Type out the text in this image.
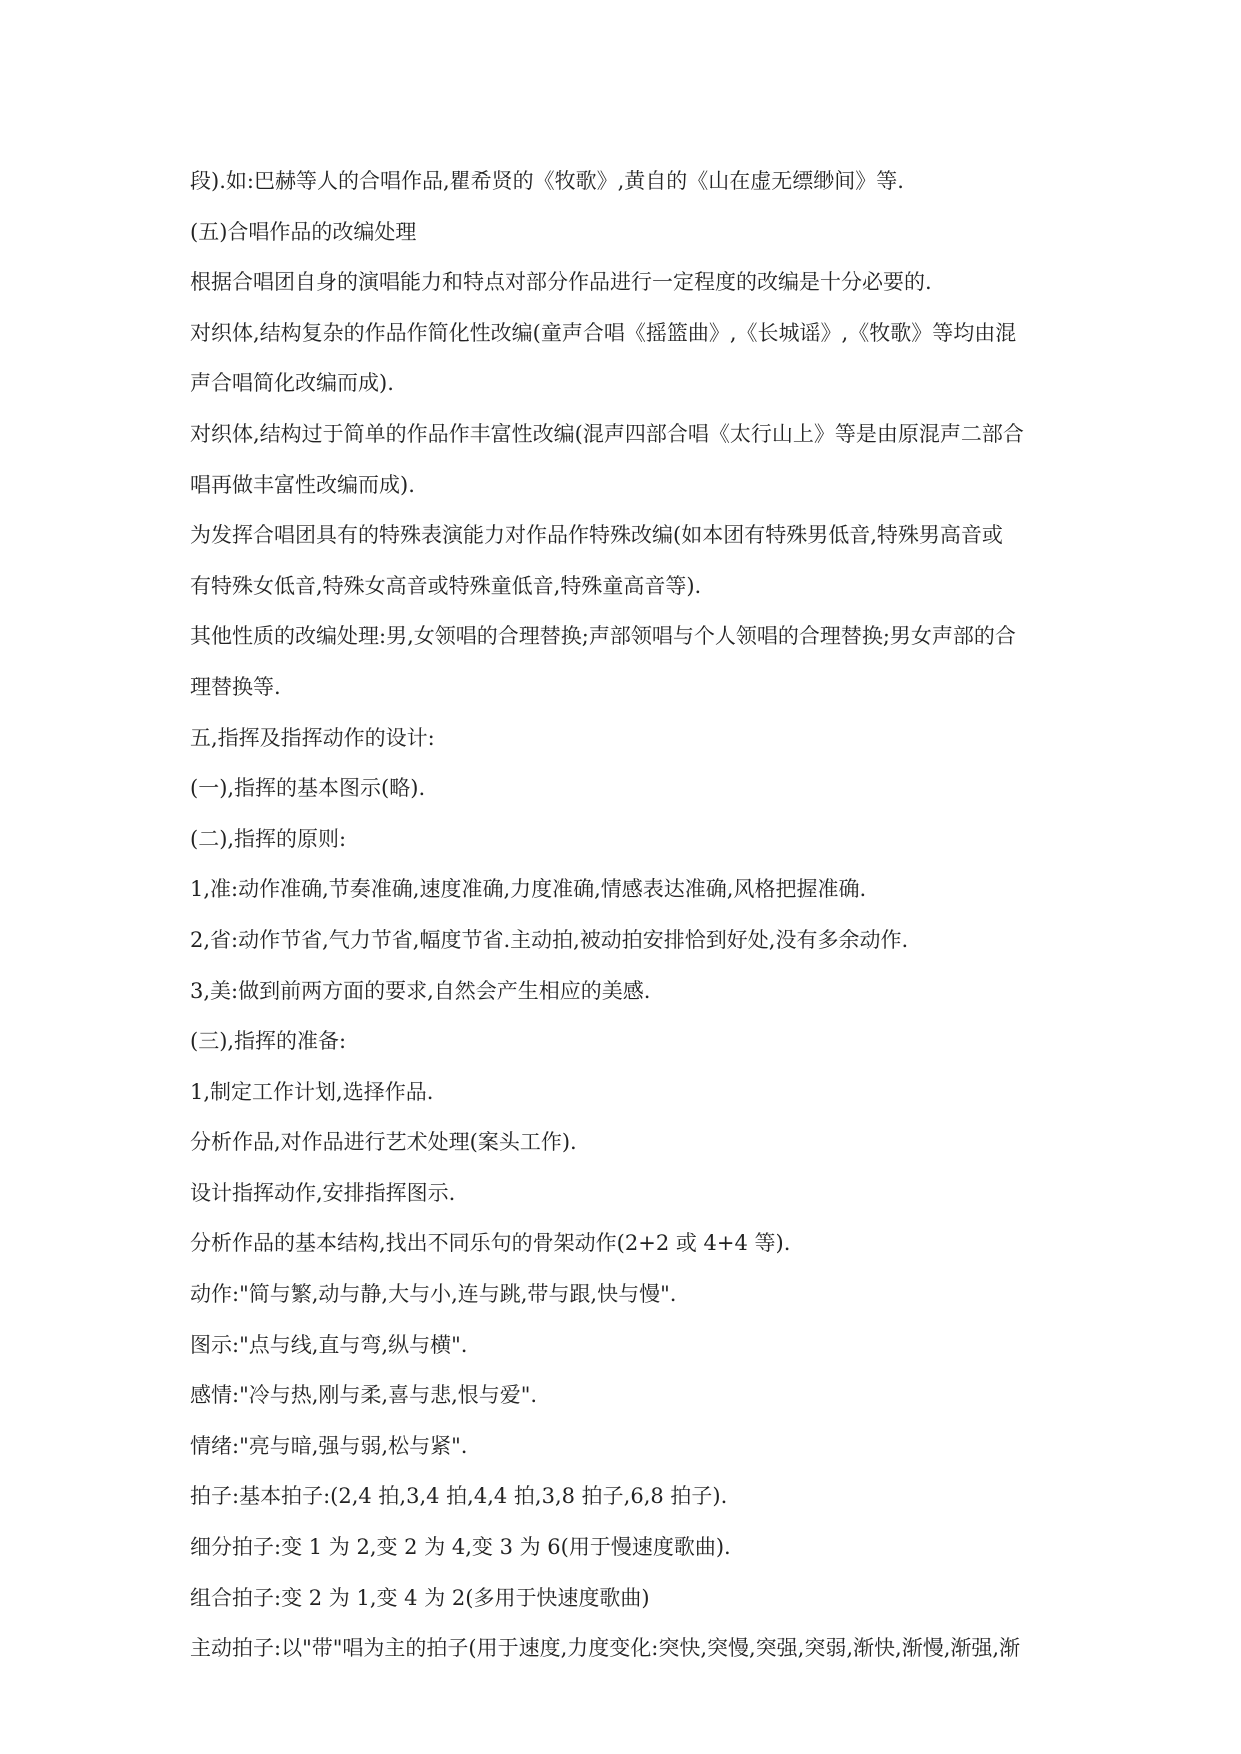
段).如:巴赫等人的合唱作品,瞿希贤的《牧歌》,黄自的《山在虚无缥缈间》等.
(五)合唱作品的改编处理
根据合唱团自身的演唱能力和特点对部分作品进行一定程度的改编是十分必要的.
对织体,结构复杂的作品作简化性改编(童声合唱《摇篮曲》,《长城谣》,《牧歌》等均由混
声合唱简化改编而成).
对织体,结构过于简单的作品作丰富性改编(混声四部合唱《太行山上》等是由原混声二部合
唱再做丰富性改编而成).
为发挥合唱团具有的特殊表演能力对作品作特殊改编(如本团有特殊男低音,特殊男高音或
有特殊女低音,特殊女高音或特殊童低音,特殊童高音等).
其他性质的改编处理:男,女领唱的合理替换;声部领唱与个人领唱的合理替换;男女声部的合
理替换等.
五,指挥及指挥动作的设计:
(一),指挥的基本图示(略).
(二),指挥的原则:
1,准:动作准确,节奏准确,速度准确,力度准确,情感表达准确,风格把握准确.
2,省:动作节省,气力节省,幅度节省.主动拍,被动拍安排恰到好处,没有多余动作.
3,美:做到前两方面的要求,自然会产生相应的美感.
(三),指挥的准备:
1,制定工作计划,选择作品.
分析作品,对作品进行艺术处理(案头工作).
设计指挥动作,安排指挥图示.
分析作品的基本结构,找出不同乐句的骨架动作(2+2 或 4+4 等).
动作:"简与繁,动与静,大与小,连与跳,带与跟,快与慢".
图示:"点与线,直与弯,纵与横".
感情:"冷与热,刚与柔,喜与悲,恨与爱".
情绪:"亮与暗,强与弱,松与紧".
拍子:基本拍子:(2,4 拍,3,4 拍,4,4 拍,3,8 拍子,6,8 拍子).
细分拍子:变 1 为 2,变 2 为 4,变 3 为 6(用于慢速度歌曲).
组合拍子:变 2 为 1,变 4 为 2(多用于快速度歌曲)
主动拍子:以"带"唱为主的拍子(用于速度,力度变化:突快,突慢,突强,突弱,渐快,渐慢,渐强,渐
